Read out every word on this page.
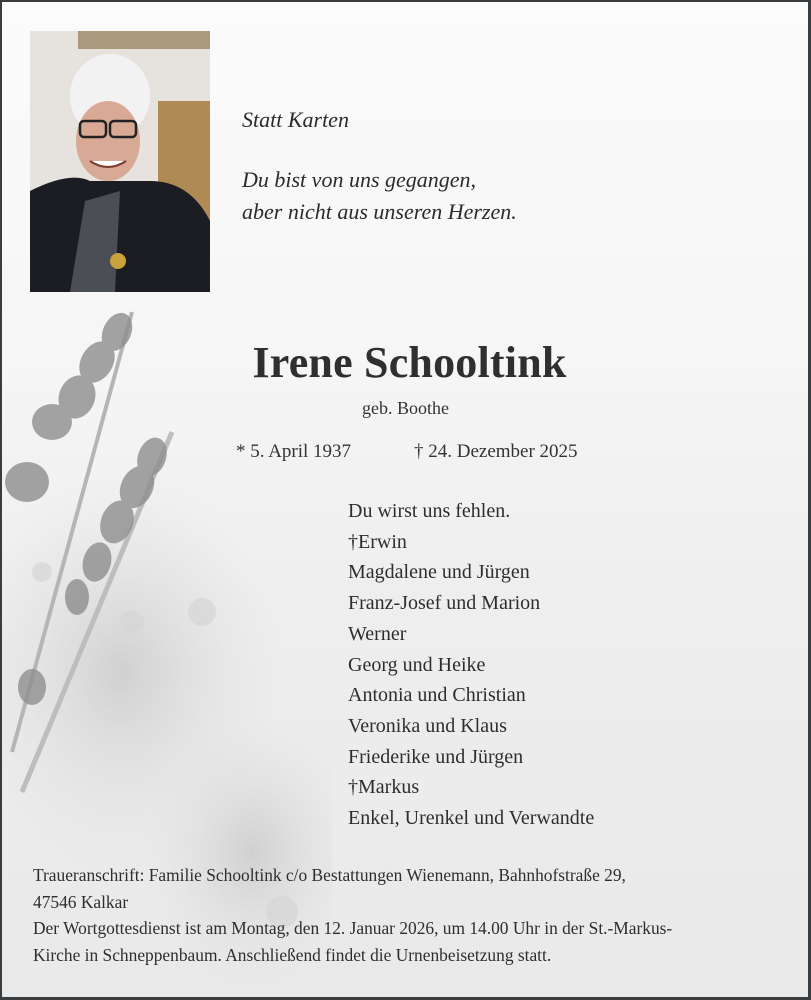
Statt Karten
Du bist von uns gegangen,
aber nicht aus unseren Herzen.
Irene Schooltink
geb. Boothe
* 5. April 1937	† 24. Dezember 2025
Du wirst uns fehlen.
†Erwin
Magdalene und Jürgen
Franz-Josef und Marion
Werner
Georg und Heike
Antonia und Christian
Veronika und Klaus
Friederike und Jürgen
†Markus
Enkel, Urenkel und Verwandte
Traueranschrift: Familie Schooltink c/o Bestattungen Wienemann, Bahnhofstraße 29,
47546 Kalkar
Der Wortgottesdienst ist am Montag, den 12. Januar 2026, um 14.00 Uhr in der St.-Markus-
Kirche in Schneppenbaum. Anschließend findet die Urnenbeisetzung statt.
